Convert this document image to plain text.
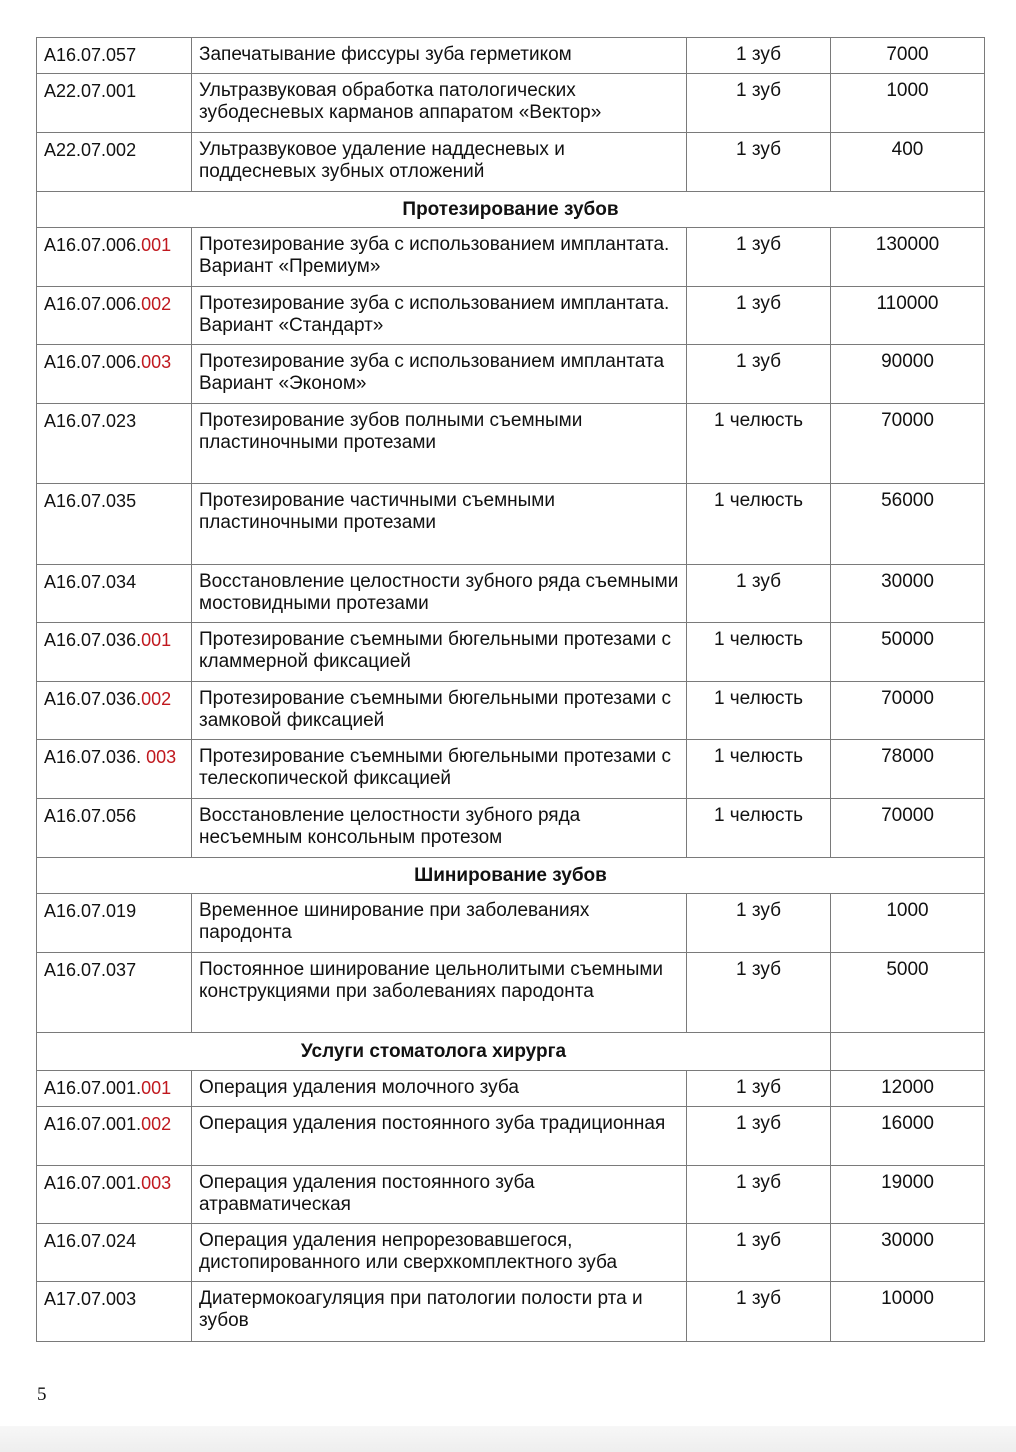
A16.07.057	Запечатывание фиссуры зуба герметиком	1 зуб	7000
A22.07.001	Ультразвуковая обработка патологических зубодесневых карманов аппаратом «Вектор»	1 зуб	1000
A22.07.002	Ультразвуковое удаление наддесневых и поддесневых зубных отложений	1 зуб	400
Протезирование зубов			
A16.07.006.001	Протезирование зуба с использованием имплантата. Вариант «Премиум»	1 зуб	130000
A16.07.006.002	Протезирование зуба с использованием имплантата. Вариант «Стандарт»	1 зуб	110000
A16.07.006.003	Протезирование зуба с использованием имплантата Вариант «Эконом»	1 зуб	90000
A16.07.023	Протезирование зубов полными съемными пластиночными протезами	1 челюсть	70000
A16.07.035	Протезирование частичными съемными пластиночными протезами	1 челюсть	56000
A16.07.034	Восстановление целостности зубного ряда съемными мостовидными протезами	1 зуб	30000
A16.07.036.001	Протезирование съемными бюгельными протезами с кламмерной фиксацией	1 челюсть	50000
A16.07.036.002	Протезирование съемными бюгельными протезами с замковой фиксацией	1 челюсть	70000
A16.07.036. 003	Протезирование съемными бюгельными протезами с телескопической фиксацией	1 челюсть	78000
A16.07.056	Восстановление целостности зубного ряда несъемным консольным протезом	1 челюсть	70000
Шинирование зубов			
A16.07.019	Временное шинирование при заболеваниях пародонта	1 зуб	1000
A16.07.037	Постоянное шинирование цельнолитыми съемными конструкциями при заболеваниях пародонта	1 зуб	5000
Услуги стоматолога хирурга			
A16.07.001.001	Операция удаления молочного зуба	1 зуб	12000
A16.07.001.002	Операция удаления постоянного зуба традиционная	1 зуб	16000
A16.07.001.003	Операция удаления постоянного зуба атравматическая	1 зуб	19000
A16.07.024	Операция удаления непрорезовавшегося, дистопированного или сверхкомплектного зуба	1 зуб	30000
A17.07.003	Диатермокоагуляция при патологии полости рта и зубов	1 зуб	10000
5
